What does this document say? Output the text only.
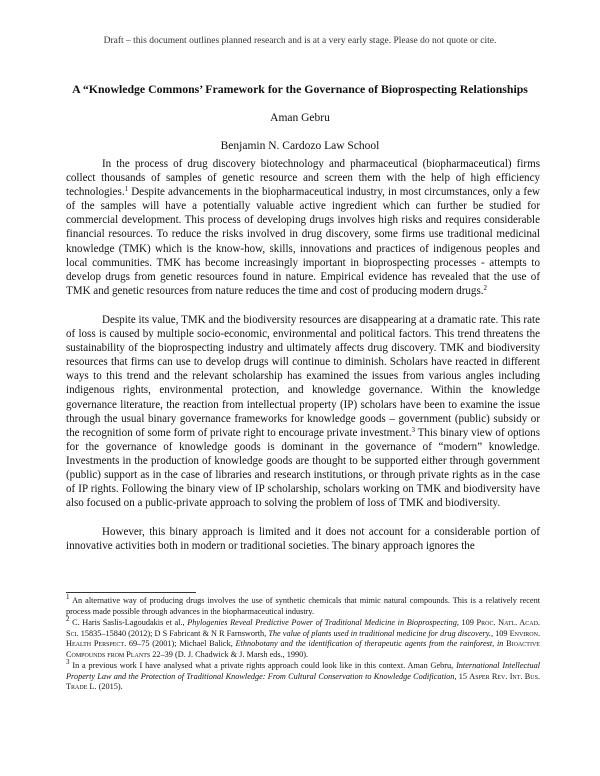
Draft – this document outlines planned research and is at a very early stage. Please do not quote or cite.
A “Knowledge Commons’ Framework for the Governance of Bioprospecting Relationships
Aman Gebru
Benjamin N. Cardozo Law School

In the process of drug discovery biotechnology and pharmaceutical (biopharmaceutical) firms collect thousands of samples of genetic resource and screen them with the help of high efficiency technologies.$^1$ Despite advancements in the biopharmaceutical industry, in most circumstances, only a few of the samples will have a potentially valuable active ingredient which can further be studied for commercial development. This process of developing drugs involves high risks and requires considerable financial resources. To reduce the risks involved in drug discovery, some firms use traditional medicinal knowledge (TMK) which is the know-how, skills, innovations and practices of indigenous peoples and local communities. TMK has become increasingly important in bioprospecting processes - attempts to develop drugs from genetic resources found in nature. Empirical evidence has revealed that the use of TMK and genetic resources from nature reduces the time and cost of producing modern drugs.$^2$

Despite its value, TMK and the biodiversity resources are disappearing at a dramatic rate. This rate of loss is caused by multiple socio-economic, environmental and political factors. This trend threatens the sustainability of the bioprospecting industry and ultimately affects drug discovery. TMK and biodiversity resources that firms can use to develop drugs will continue to diminish. Scholars have reacted in different ways to this trend and the relevant scholarship has examined the issues from various angles including indigenous rights, environmental protection, and knowledge governance. Within the knowledge governance literature, the reaction from intellectual property (IP) scholars have been to examine the issue through the usual binary governance frameworks for knowledge goods – government (public) subsidy or the recognition of some form of private right to encourage private investment.$^3$ This binary view of options for the governance of knowledge goods is dominant in the governance of “modern” knowledge. Investments in the production of knowledge goods are thought to be supported either through government (public) support as in the case of libraries and research institutions, or through private rights as in the case of IP rights. Following the binary view of IP scholarship, scholars working on TMK and biodiversity have also focused on a public-private approach to solving the problem of loss of TMK and biodiversity.

However, this binary approach is limited and it does not account for a considerable portion of innovative activities both in modern or traditional societies. The binary approach ignores the

$^1$ An alternative way of producing drugs involves the use of synthetic chemicals that mimic natural compounds. This is a relatively recent process made possible through advances in the biopharmaceutical industry.
$^2$ C. Haris Saslis-Lagoudakis et al., Phylogenies Reveal Predictive Power of Traditional Medicine in Bioprospecting, 109 Proc. Natl. Acad. Sci. 15835–15840 (2012); D S Fabricant & N R Farnsworth, The value of plants used in traditional medicine for drug discovery., 109 Environ. Health Perspect. 69–75 (2001); Michael Balick, Ethnobotany and the identification of therapeutic agents from the rainforest, in Bioactive Compounds from Plants 22–39 (D. J. Chadwick & J. Marsh eds., 1990).
$^3$ In a previous work I have analysed what a private rights approach could look like in this context. Aman Gebru, International Intellectual Property Law and the Protection of Traditional Knowledge: From Cultural Conservation to Knowledge Codification, 15 Asper Rev. Int. Bus. Trade L. (2015).
